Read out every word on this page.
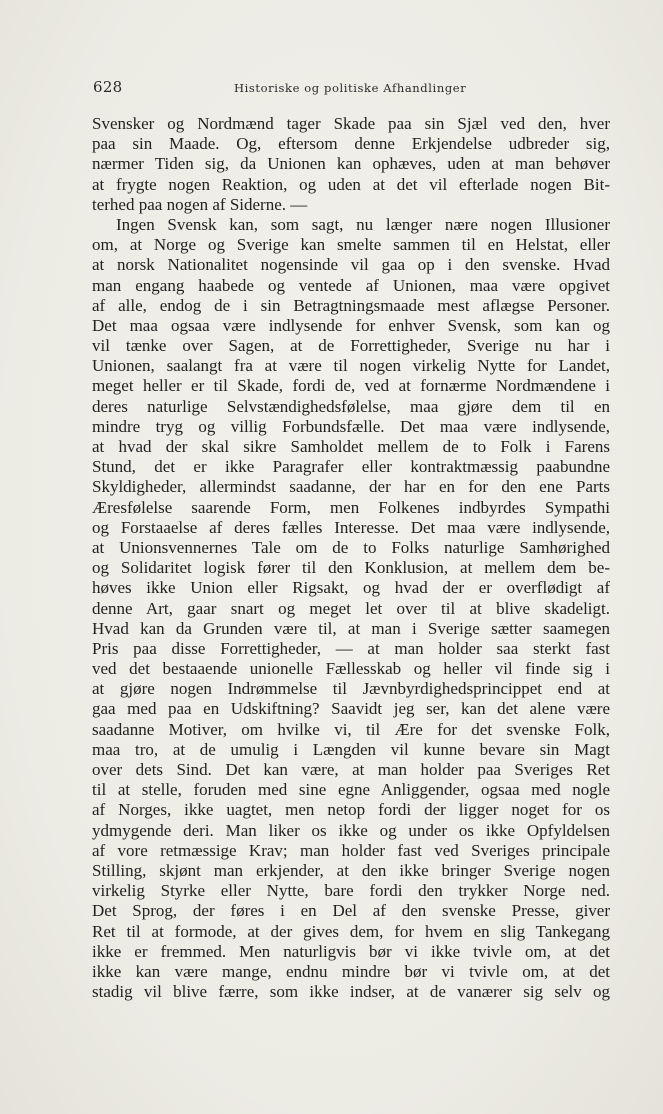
628	Historiske og politiske Afhandlinger
Svensker og Nordmænd tager Skade paa sin Sjæl ved den, hver
paa sin Maade. Og, eftersom denne Erkjendelse udbreder sig,
nærmer Tiden sig, da Unionen kan ophæves, uden at man behøver
at frygte nogen Reaktion, og uden at det vil efterlade nogen Bit-
terhed paa nogen af Siderne. —
Ingen Svensk kan, som sagt, nu længer nære nogen Illusioner
om, at Norge og Sverige kan smelte sammen til en Helstat, eller
at norsk Nationalitet nogensinde vil gaa op i den svenske. Hvad
man engang haabede og ventede af Unionen, maa være opgivet
af alle, endog de i sin Betragtningsmaade mest aflægse Personer.
Det maa ogsaa være indlysende for enhver Svensk, som kan og
vil tænke over Sagen, at de Forrettigheder, Sverige nu har i
Unionen, saalangt fra at være til nogen virkelig Nytte for Landet,
meget heller er til Skade, fordi de, ved at fornærme Nordmændene i
deres naturlige Selvstændighedsfølelse, maa gjøre dem til en
mindre tryg og villig Forbundsfælle. Det maa være indlysende,
at hvad der skal sikre Samholdet mellem de to Folk i Farens
Stund, det er ikke Paragrafer eller kontraktmæssig paabundne
Skyldigheder, allermindst saadanne, der har en for den ene Parts
Æresfølelse saarende Form, men Folkenes indbyrdes Sympathi
og Forstaaelse af deres fælles Interesse. Det maa være indlysende,
at Unionsvennernes Tale om de to Folks naturlige Samhørighed
og Solidaritet logisk fører til den Konklusion, at mellem dem be-
høves ikke Union eller Rigsakt, og hvad der er overflødigt af
denne Art, gaar snart og meget let over til at blive skadeligt.
Hvad kan da Grunden være til, at man i Sverige sætter saamegen
Pris paa disse Forrettigheder, — at man holder saa sterkt fast
ved det bestaaende unionelle Fællesskab og heller vil finde sig i
at gjøre nogen Indrømmelse til Jævnbyrdighedsprincippet end at
gaa med paa en Udskiftning? Saavidt jeg ser, kan det alene være
saadanne Motiver, om hvilke vi, til Ære for det svenske Folk,
maa tro, at de umulig i Længden vil kunne bevare sin Magt
over dets Sind. Det kan være, at man holder paa Sveriges Ret
til at stelle, foruden med sine egne Anliggender, ogsaa med nogle
af Norges, ikke uagtet, men netop fordi der ligger noget for os
ydmygende deri. Man liker os ikke og under os ikke Opfyldelsen
af vore retmæssige Krav; man holder fast ved Sveriges principale
Stilling, skjønt man erkjender, at den ikke bringer Sverige nogen
virkelig Styrke eller Nytte, bare fordi den trykker Norge ned.
Det Sprog, der føres i en Del af den svenske Presse, giver
Ret til at formode, at der gives dem, for hvem en slig Tankegang
ikke er fremmed. Men naturligvis bør vi ikke tvivle om, at det
ikke kan være mange, endnu mindre bør vi tvivle om, at det
stadig vil blive færre, som ikke indser, at de vanærer sig selv og
